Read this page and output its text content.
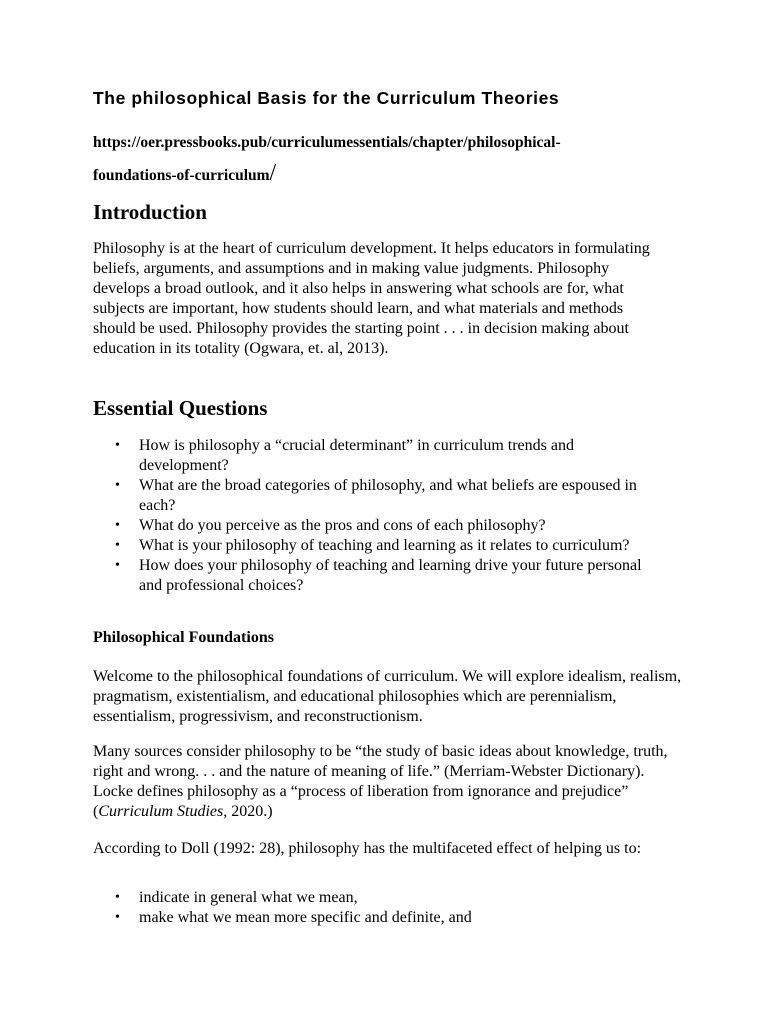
The philosophical Basis for the Curriculum Theories
https://oer.pressbooks.pub/curriculumessentials/chapter/philosophical-
foundations-of-curriculum/
Introduction

Philosophy is at the heart of curriculum development. It helps educators in formulating beliefs, arguments, and assumptions and in making value judgments. Philosophy develops a broad outlook, and it also helps in answering what schools are for, what subjects are important, how students should learn, and what materials and methods should be used. Philosophy provides the starting point . . . in decision making about education in its totality (Ogwara, et. al, 2013).

Essential Questions
• How is philosophy a “crucial determinant” in curriculum trends and development?
• What are the broad categories of philosophy, and what beliefs are espoused in each?
• What do you perceive as the pros and cons of each philosophy?
• What is your philosophy of teaching and learning as it relates to curriculum?
• How does your philosophy of teaching and learning drive your future personal and professional choices?
Philosophical Foundations

Welcome to the philosophical foundations of curriculum. We will explore idealism, realism, pragmatism, existentialism, and educational philosophies which are perennialism, essentialism, progressivism, and reconstructionism.

Many sources consider philosophy to be “the study of basic ideas about knowledge, truth, right and wrong. . . and the nature of meaning of life.” (Merriam-Webster Dictionary). Locke defines philosophy as a “process of liberation from ignorance and prejudice” (Curriculum Studies, 2020.)

According to Doll (1992: 28), philosophy has the multifaceted effect of helping us to:

• indicate in general what we mean,
• make what we mean more specific and definite, and
